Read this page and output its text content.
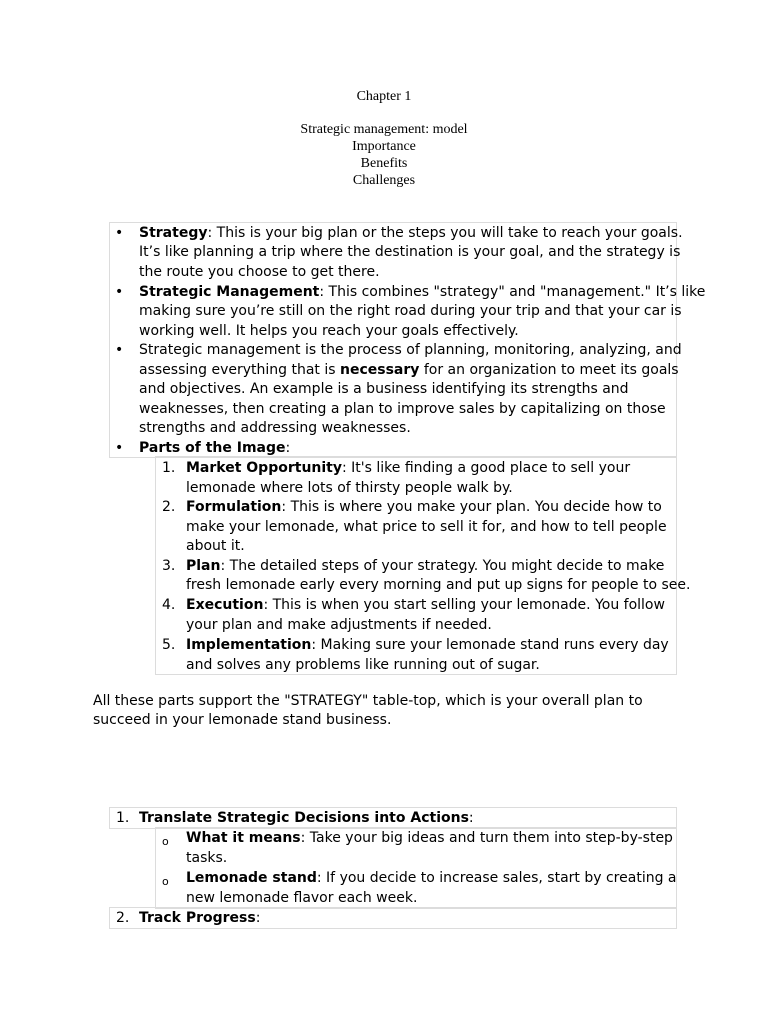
Chapter 1
Strategic management: model
Importance
Benefits
Challenges
• Strategy: This is your big plan or the steps you will take to reach your goals.
It’s like planning a trip where the destination is your goal, and the strategy is
the route you choose to get there.
• Strategic Management: This combines "strategy" and "management." It’s like
making sure you’re still on the right road during your trip and that your car is
working well. It helps you reach your goals effectively.
• Strategic management is the process of planning, monitoring, analyzing, and
assessing everything that is necessary for an organization to meet its goals
and objectives. An example is a business identifying its strengths and
weaknesses, then creating a plan to improve sales by capitalizing on those
strengths and addressing weaknesses.
• Parts of the Image:
1. Market Opportunity: It's like finding a good place to sell your
lemonade where lots of thirsty people walk by.
2. Formulation: This is where you make your plan. You decide how to
make your lemonade, what price to sell it for, and how to tell people
about it.
3. Plan: The detailed steps of your strategy. You might decide to make
fresh lemonade early every morning and put up signs for people to see.
4. Execution: This is when you start selling your lemonade. You follow
your plan and make adjustments if needed.
5. Implementation: Making sure your lemonade stand runs every day
and solves any problems like running out of sugar.
All these parts support the "STRATEGY" table-top, which is your overall plan to
succeed in your lemonade stand business.
1. Translate Strategic Decisions into Actions:
o What it means: Take your big ideas and turn them into step-by-step
tasks.
o Lemonade stand: If you decide to increase sales, start by creating a
new lemonade flavor each week.
2. Track Progress:
